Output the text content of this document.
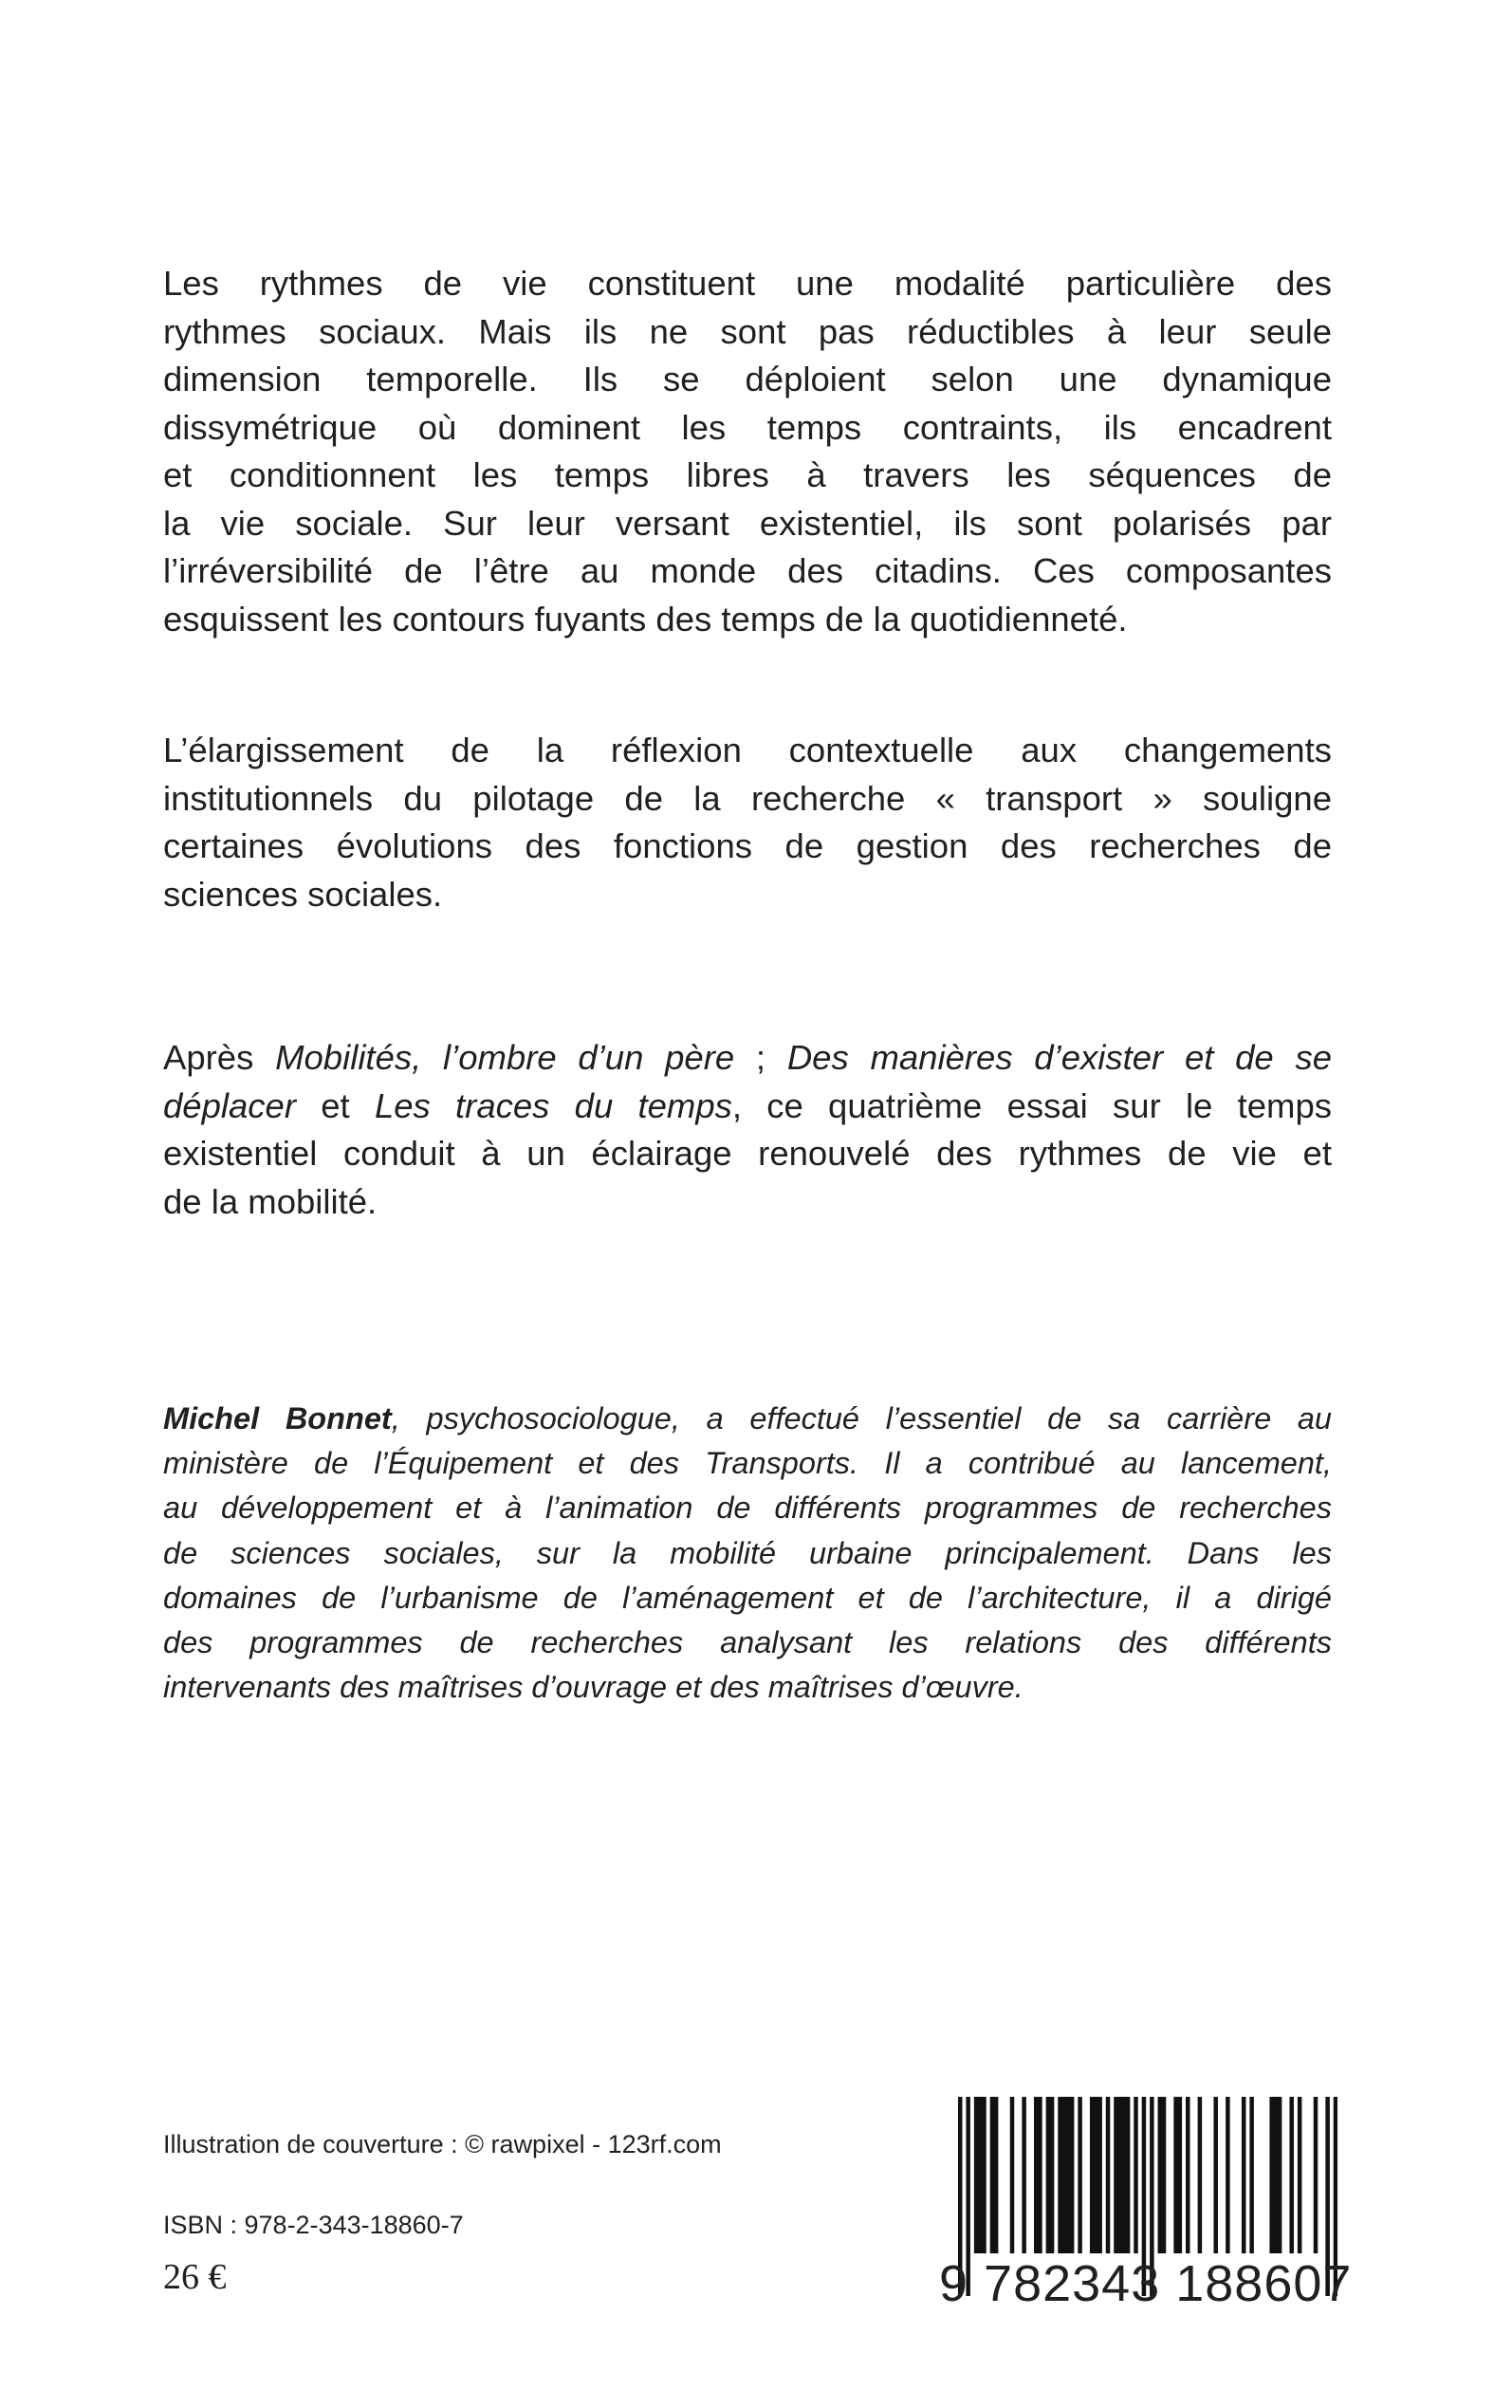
Les rythmes de vie constituent une modalité particulière des
rythmes sociaux. Mais ils ne sont pas réductibles à leur seule
dimension temporelle. Ils se déploient selon une dynamique
dissymétrique où dominent les temps contraints, ils encadrent
et conditionnent les temps libres à travers les séquences de
la vie sociale. Sur leur versant existentiel, ils sont polarisés par
l’irréversibilité de l’être au monde des citadins. Ces composantes
esquissent les contours fuyants des temps de la quotidienneté.
L’élargissement de la réflexion contextuelle aux changements
institutionnels du pilotage de la recherche « transport » souligne
certaines évolutions des fonctions de gestion des recherches de
sciences sociales.
Après Mobilités, l’ombre d’un père ; Des manières d’exister et de se
déplacer et Les traces du temps, ce quatrième essai sur le temps
existentiel conduit à un éclairage renouvelé des rythmes de vie et
de la mobilité.
Michel Bonnet, psychosociologue, a effectué l’essentiel de sa carrière au
ministère de l’Équipement et des Transports. Il a contribué au lancement,
au développement et à l’animation de différents programmes de recherches
de sciences sociales, sur la mobilité urbaine principalement. Dans les
domaines de l’urbanisme de l’aménagement et de l’architecture, il a dirigé
des programmes de recherches analysant les relations des différents
intervenants des maîtrises d’ouvrage et des maîtrises d’œuvre.
Illustration de couverture : © rawpixel - 123rf.com
ISBN : 978-2-343-18860-7
26 €	9 782343 188607
